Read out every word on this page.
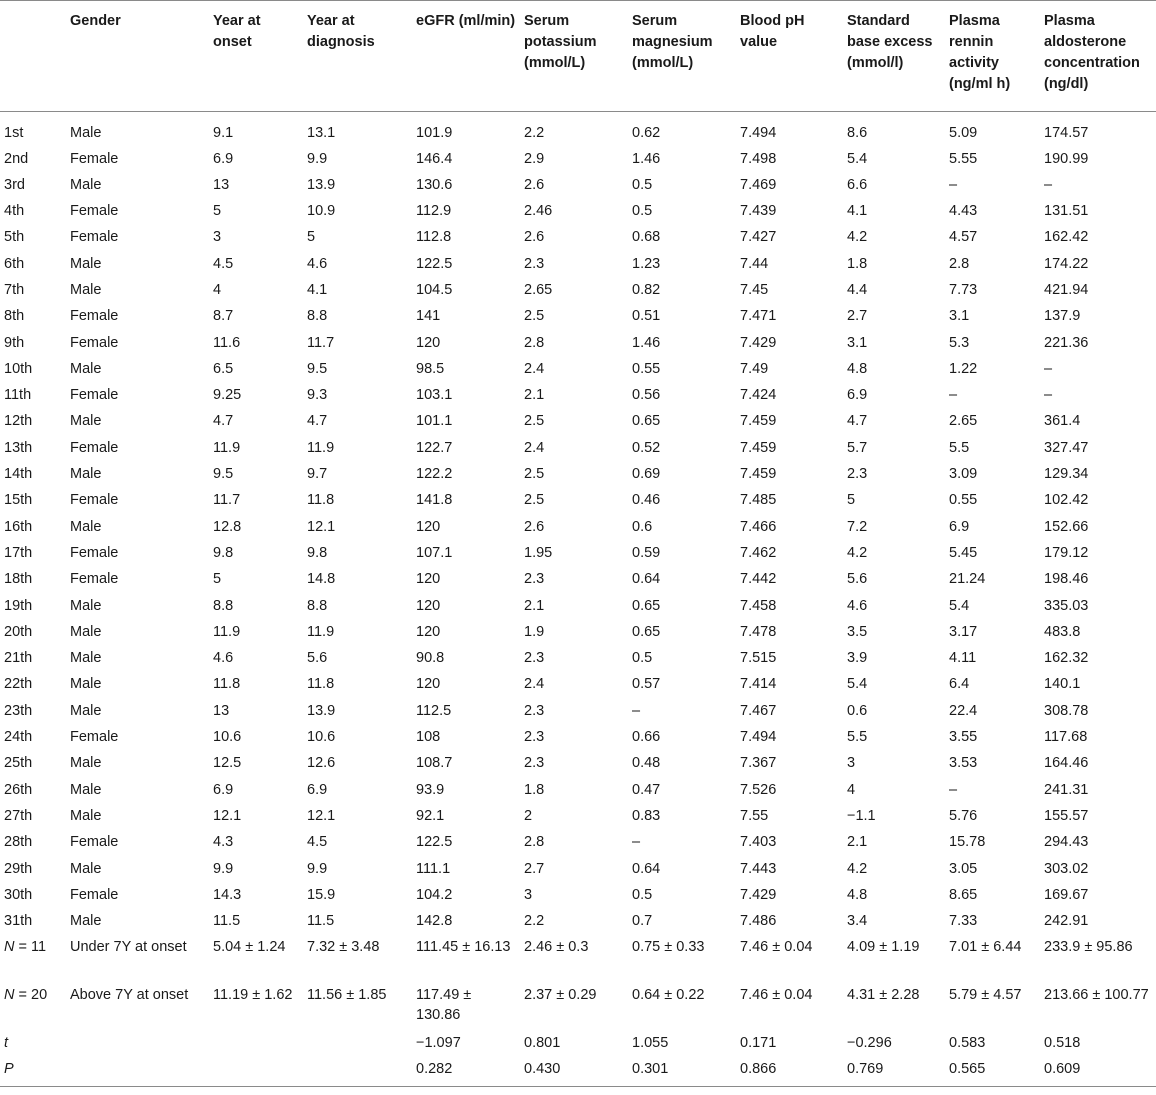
	Gender	Year at onset	Year at diagnosis	eGFR (ml/min)	Serum potassium (mmol/L)	Serum magnesium (mmol/L)	Blood pH value	Standard base excess (mmol/l)	Plasma rennin activity (ng/ml h)	Plasma aldosterone concentration (ng/dl)
1st	Male	9.1	13.1	101.9	2.2	0.62	7.494	8.6	5.09	174.57
2nd	Female	6.9	9.9	146.4	2.9	1.46	7.498	5.4	5.55	190.99
3rd	Male	13	13.9	130.6	2.6	0.5	7.469	6.6	–	–
4th	Female	5	10.9	112.9	2.46	0.5	7.439	4.1	4.43	131.51
5th	Female	3	5	112.8	2.6	0.68	7.427	4.2	4.57	162.42
6th	Male	4.5	4.6	122.5	2.3	1.23	7.44	1.8	2.8	174.22
7th	Male	4	4.1	104.5	2.65	0.82	7.45	4.4	7.73	421.94
8th	Female	8.7	8.8	141	2.5	0.51	7.471	2.7	3.1	137.9
9th	Female	11.6	11.7	120	2.8	1.46	7.429	3.1	5.3	221.36
10th	Male	6.5	9.5	98.5	2.4	0.55	7.49	4.8	1.22	–
11th	Female	9.25	9.3	103.1	2.1	0.56	7.424	6.9	–	–
12th	Male	4.7	4.7	101.1	2.5	0.65	7.459	4.7	2.65	361.4
13th	Female	11.9	11.9	122.7	2.4	0.52	7.459	5.7	5.5	327.47
14th	Male	9.5	9.7	122.2	2.5	0.69	7.459	2.3	3.09	129.34
15th	Female	11.7	11.8	141.8	2.5	0.46	7.485	5	0.55	102.42
16th	Male	12.8	12.1	120	2.6	0.6	7.466	7.2	6.9	152.66
17th	Female	9.8	9.8	107.1	1.95	0.59	7.462	4.2	5.45	179.12
18th	Female	5	14.8	120	2.3	0.64	7.442	5.6	21.24	198.46
19th	Male	8.8	8.8	120	2.1	0.65	7.458	4.6	5.4	335.03
20th	Male	11.9	11.9	120	1.9	0.65	7.478	3.5	3.17	483.8
21th	Male	4.6	5.6	90.8	2.3	0.5	7.515	3.9	4.11	162.32
22th	Male	11.8	11.8	120	2.4	0.57	7.414	5.4	6.4	140.1
23th	Male	13	13.9	112.5	2.3	–	7.467	0.6	22.4	308.78
24th	Female	10.6	10.6	108	2.3	0.66	7.494	5.5	3.55	117.68
25th	Male	12.5	12.6	108.7	2.3	0.48	7.367	3	3.53	164.46
26th	Male	6.9	6.9	93.9	1.8	0.47	7.526	4	–	241.31
27th	Male	12.1	12.1	92.1	2	0.83	7.55	−1.1	5.76	155.57
28th	Female	4.3	4.5	122.5	2.8	–	7.403	2.1	15.78	294.43
29th	Male	9.9	9.9	111.1	2.7	0.64	7.443	4.2	3.05	303.02
30th	Female	14.3	15.9	104.2	3	0.5	7.429	4.8	8.65	169.67
31th	Male	11.5	11.5	142.8	2.2	0.7	7.486	3.4	7.33	242.91
N = 11	Under 7Y at onset	5.04 ± 1.24	7.32 ± 3.48	111.45 ± 16.13	2.46 ± 0.3	0.75 ± 0.33	7.46 ± 0.04	4.09 ± 1.19	7.01 ± 6.44	233.9 ± 95.86
N = 20	Above 7Y at onset	11.19 ± 1.62	11.56 ± 1.85	117.49 ± 130.86	2.37 ± 0.29	0.64 ± 0.22	7.46 ± 0.04	4.31 ± 2.28	5.79 ± 4.57	213.66 ± 100.77
t				−1.097	0.801	1.055	0.171	−0.296	0.583	0.518
P				0.282	0.430	0.301	0.866	0.769	0.565	0.609
